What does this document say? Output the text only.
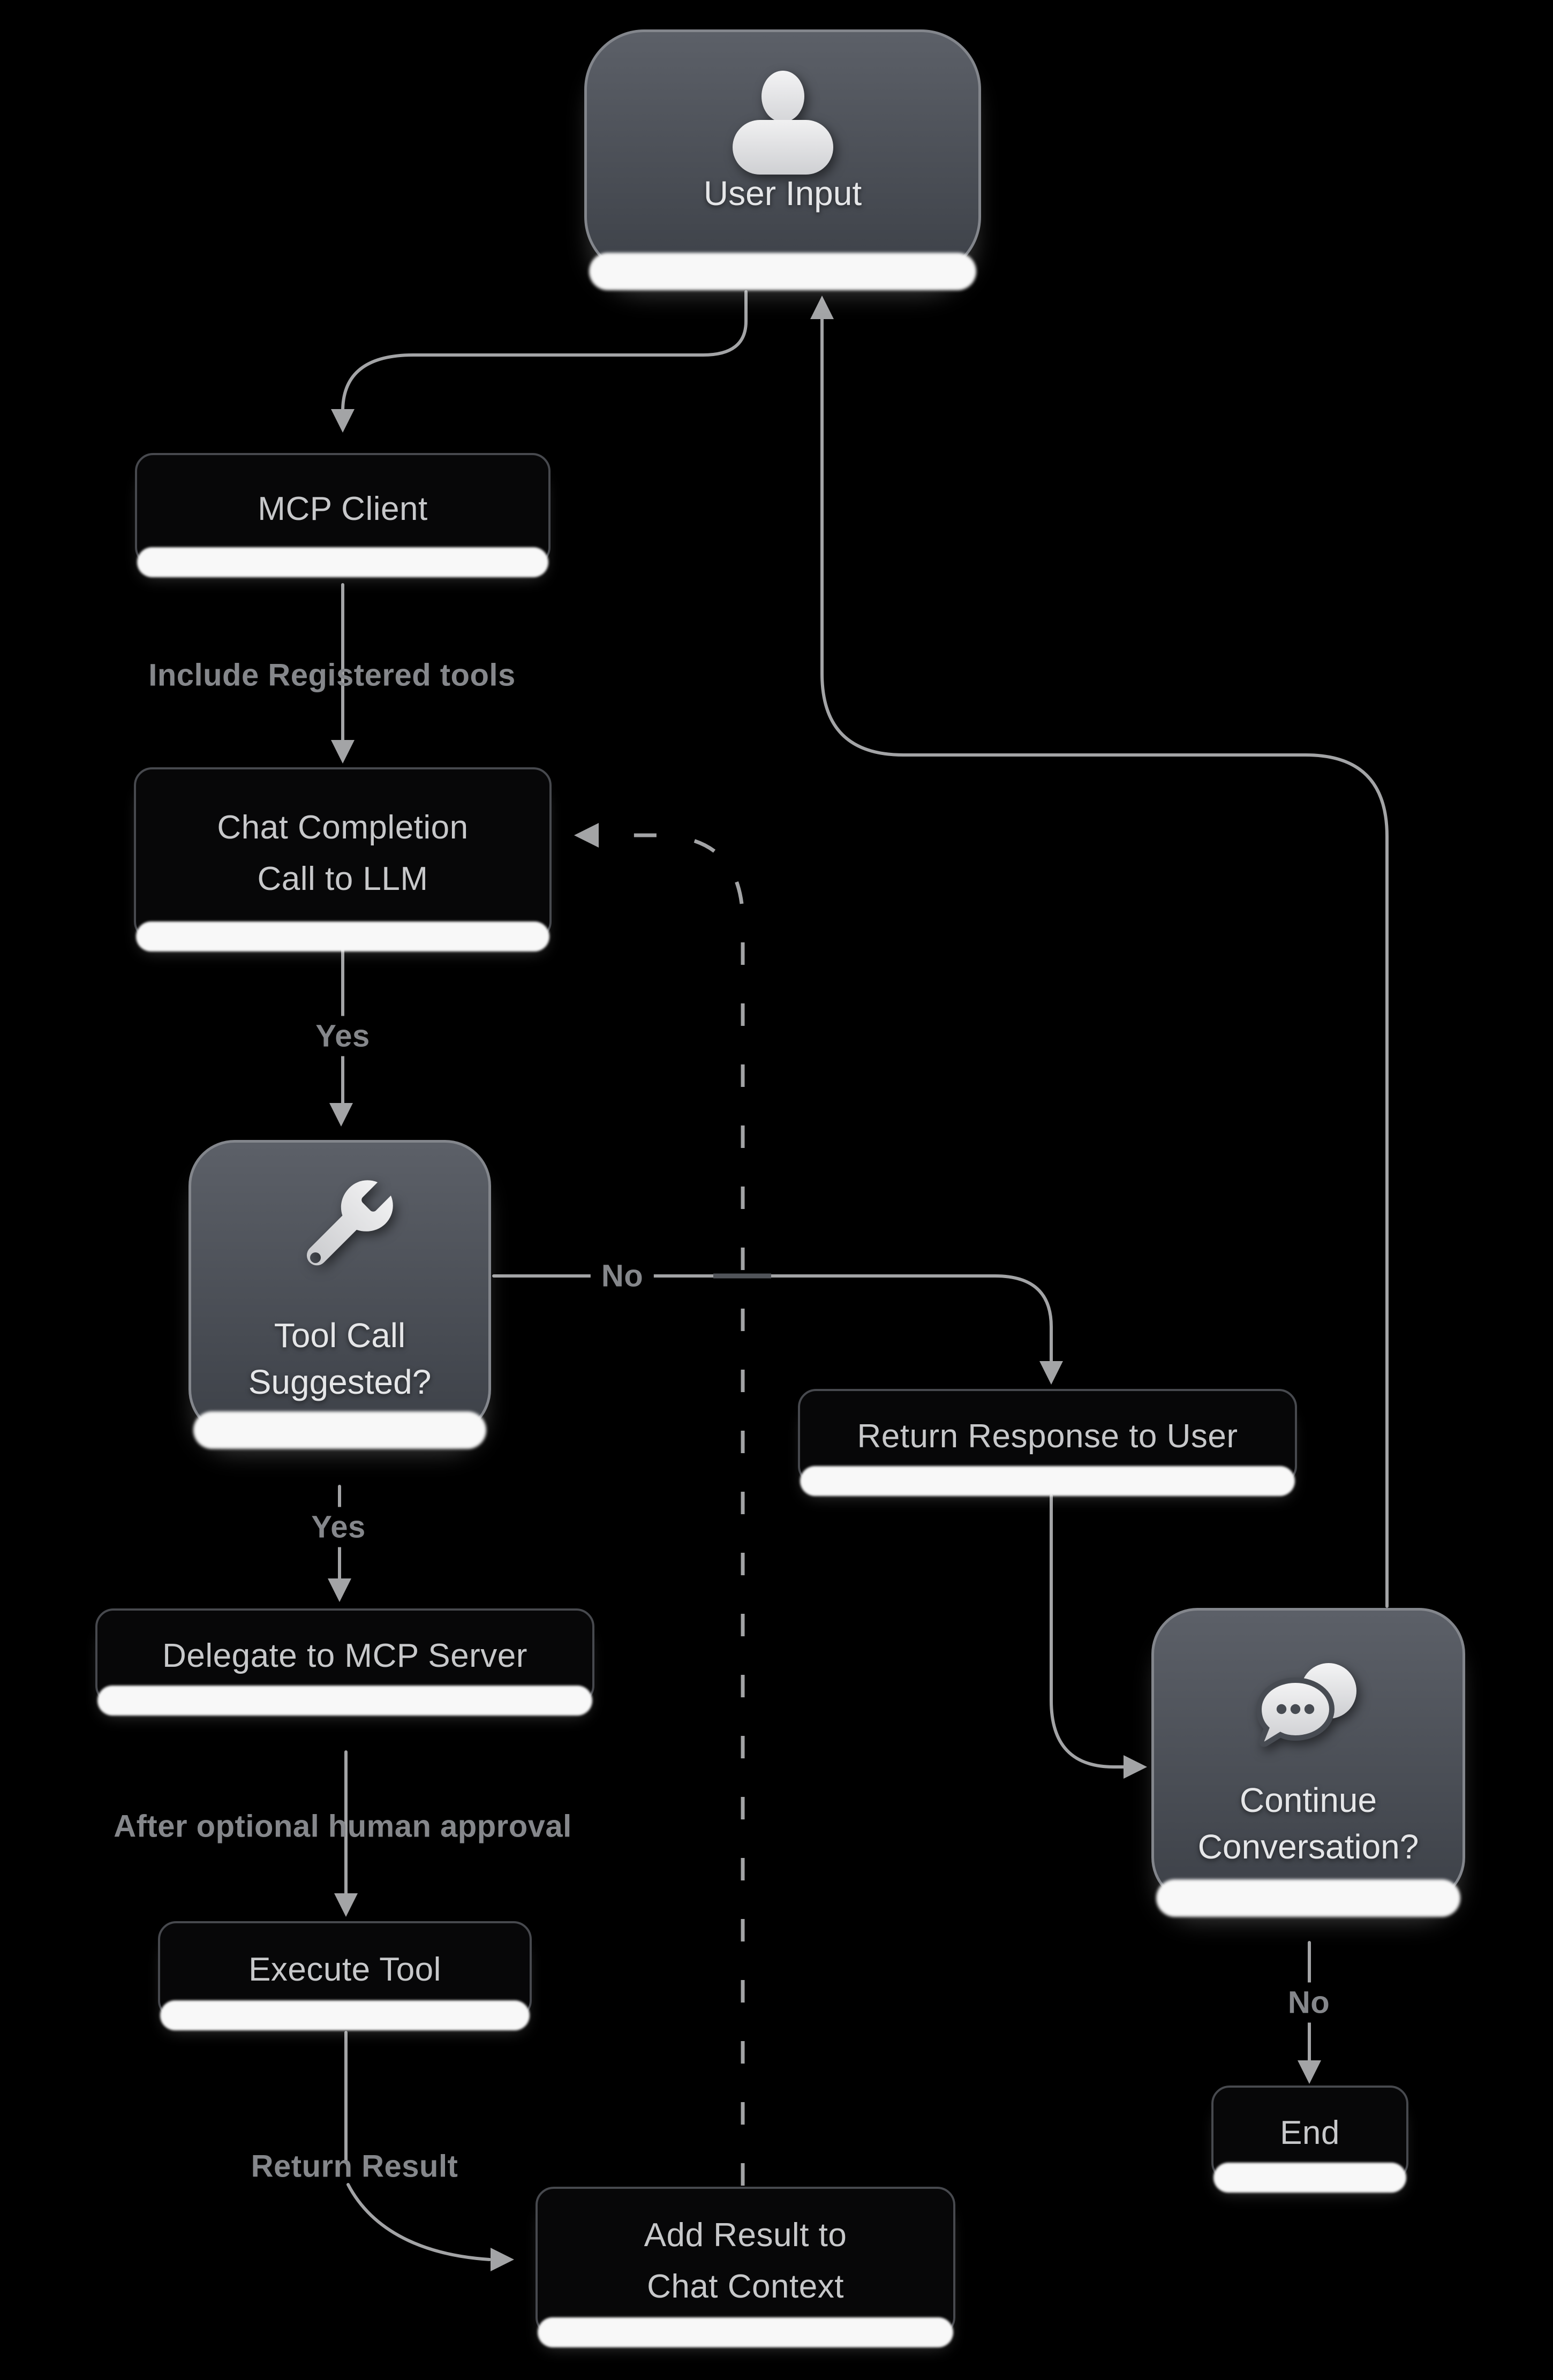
User Input
Tool Call
Suggested?
Continue
Conversation?
MCP Client
Chat Completion
Call to LLM
Return Response to User
Delegate to MCP Server
Execute Tool
Add Result to
Chat Context
End
Include Registered tools
Yes
No
Yes
After optional human approval
Return Result
No
